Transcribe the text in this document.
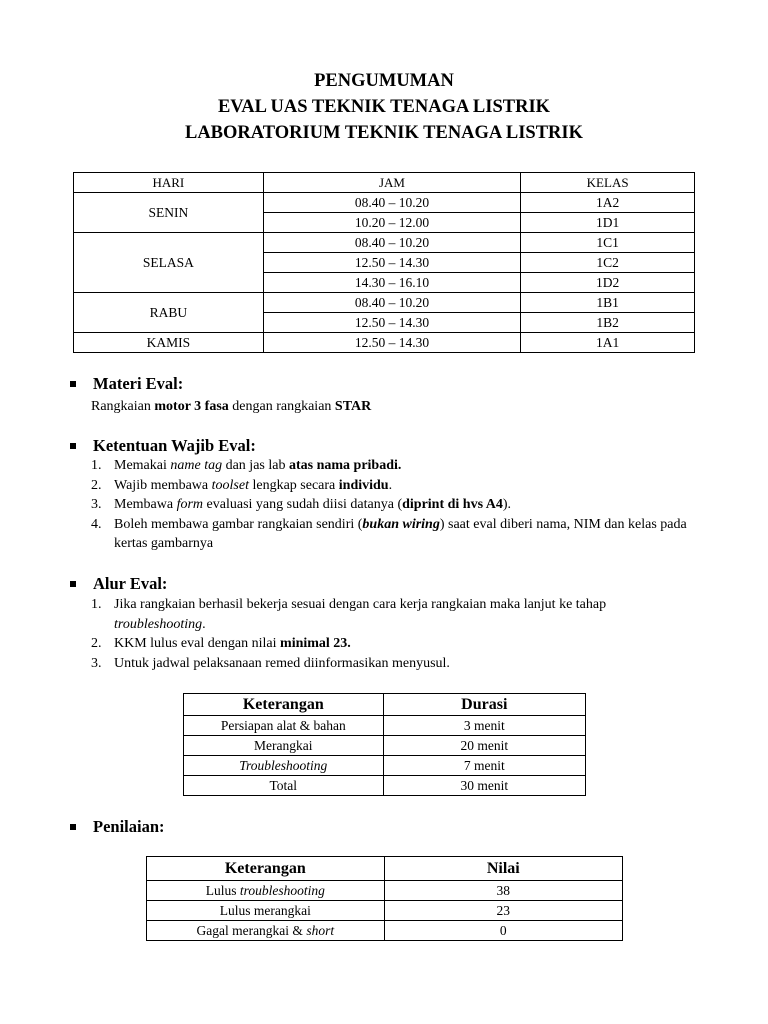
PENGUMUMAN
EVAL UAS TEKNIK TENAGA LISTRIK
LABORATORIUM TEKNIK TENAGA LISTRIK
HARI	JAM	KELAS
SENIN	08.40 – 10.20	1A2
	10.20 – 12.00	1D1
SELASA	08.40 – 10.20	1C1
	12.50 – 14.30	1C2
	14.30 – 16.10	1D2
RABU	08.40 – 10.20	1B1
	12.50 – 14.30	1B2
KAMIS	12.50 – 14.30	1A1
Materi Eval:
Rangkaian motor 3 fasa dengan rangkaian STAR
Ketentuan Wajib Eval:
1. Memakai name tag dan jas lab atas nama pribadi.
2. Wajib membawa toolset lengkap secara individu.
3. Membawa form evaluasi yang sudah diisi datanya (diprint di hvs A4).
4. Boleh membawa gambar rangkaian sendiri (bukan wiring) saat eval diberi nama, NIM dan kelas pada kertas gambarnya
Alur Eval:
1. Jika rangkaian berhasil bekerja sesuai dengan cara kerja rangkaian maka lanjut ke tahap troubleshooting.
2. KKM lulus eval dengan nilai minimal 23.
3. Untuk jadwal pelaksanaan remed diinformasikan menyusul.
Keterangan	Durasi
Persiapan alat & bahan	3 menit
Merangkai	20 menit
Troubleshooting	7 menit
Total	30 menit
Penilaian:
Keterangan	Nilai
Lulus troubleshooting	38
Lulus merangkai	23
Gagal merangkai & short	0
